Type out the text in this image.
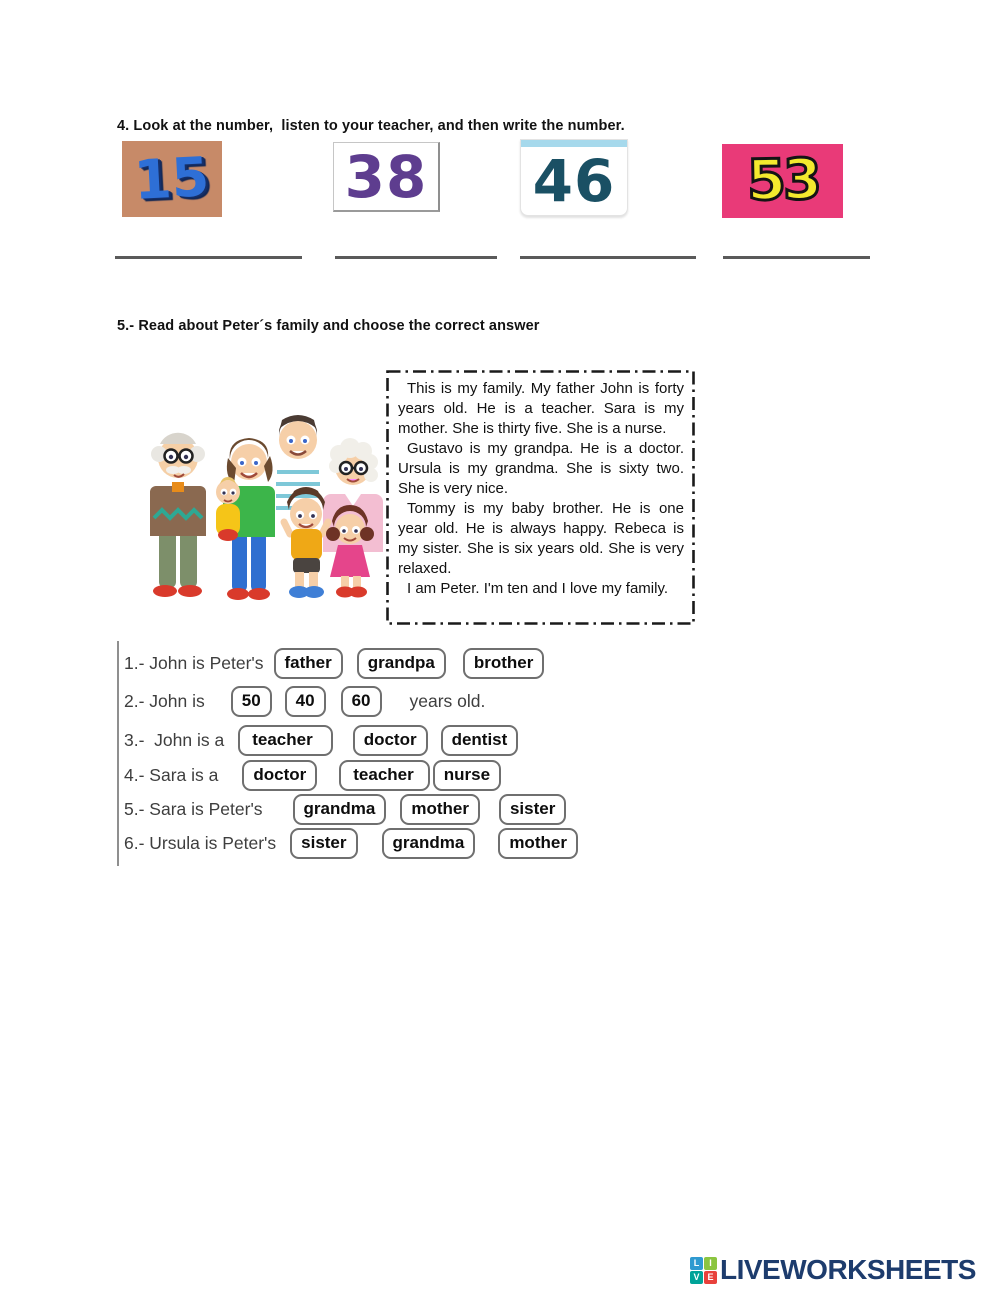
4. Look at the number,  listen to your teacher, and then write the number.
15 38 46 53
5.- Read about Peter´s family and choose the correct answer

This is my family. My father John is forty years old. He is a teacher. Sara is my mother. She is thirty five. She is a nurse.

Gustavo is my grandpa. He is a doctor. Ursula is my grandma. She is sixty two. She is very nice.

Tommy is my baby brother. He is one year old. He is always happy. Rebeca is my sister. She is six years old. She is very relaxed.

I am Peter. I'm ten and I love my family.

1.- John is Peter's	father	grandpa	brother
2.- John is	50	40	60	years old.
3.-  John is a	teacher	doctor	dentist
4.- Sara is a	doctor	teacher	nurse
5.- Sara is Peter's	grandma	mother	sister
6.- Ursula is Peter's	sister	grandma	mother
L	I
V E LIVEWORKSHEETS
